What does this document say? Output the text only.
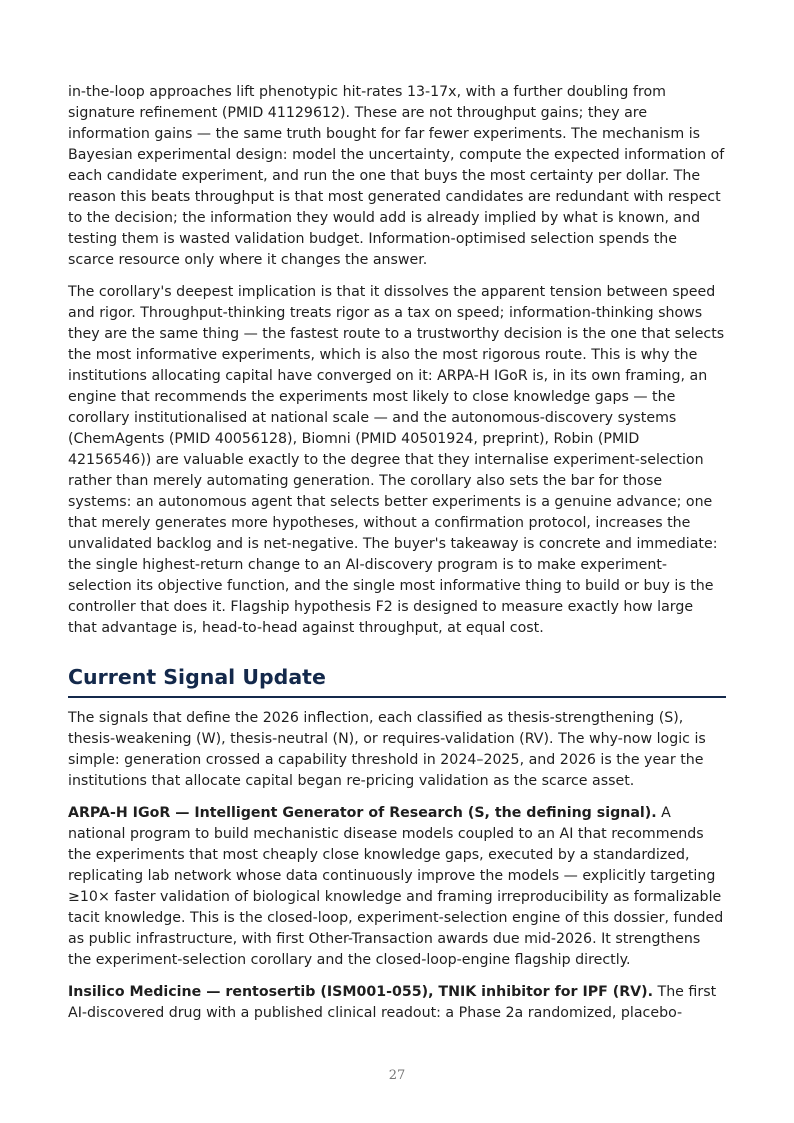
in-the-loop approaches lift phenotypic hit-rates 13-17x, with a further doubling from signature refinement (PMID 41129612). These are not throughput gains; they are information gains — the same truth bought for far fewer experiments. The mechanism is Bayesian experimental design: model the uncertainty, compute the expected information of each candidate experiment, and run the one that buys the most certainty per dollar. The reason this beats throughput is that most generated candidates are redundant with respect to the decision; the information they would add is already implied by what is known, and testing them is wasted validation budget. Information-optimised selection spends the scarce resource only where it changes the answer.

The corollary's deepest implication is that it dissolves the apparent tension between speed and rigor. Throughput-thinking treats rigor as a tax on speed; information-thinking shows they are the same thing — the fastest route to a trustworthy decision is the one that selects the most informative experiments, which is also the most rigorous route. This is why the institutions allocating capital have converged on it: ARPA-H IGoR is, in its own framing, an engine that recommends the experiments most likely to close knowledge gaps — the corollary institutionalised at national scale — and the autonomous-discovery systems (ChemAgents (PMID 40056128), Biomni (PMID 40501924, preprint), Robin (PMID 42156546)) are valuable exactly to the degree that they internalise experiment-selection rather than merely automating generation. The corollary also sets the bar for those systems: an autonomous agent that selects better experiments is a genuine advance; one that merely generates more hypotheses, without a confirmation protocol, increases the unvalidated backlog and is net-negative. The buyer's takeaway is concrete and immediate: the single highest-return change to an AI-discovery program is to make experiment-selection its objective function, and the single most informative thing to build or buy is the controller that does it. Flagship hypothesis F2 is designed to measure exactly how large that advantage is, head-to-head against throughput, at equal cost.

Current Signal Update

The signals that define the 2026 inflection, each classified as thesis-strengthening (S), thesis-weakening (W), thesis-neutral (N), or requires-validation (RV). The why-now logic is simple: generation crossed a capability threshold in 2024–2025, and 2026 is the year the institutions that allocate capital began re-pricing validation as the scarce asset.

ARPA-H IGoR — Intelligent Generator of Research (S, the defining signal). A national program to build mechanistic disease models coupled to an AI that recommends the experiments that most cheaply close knowledge gaps, executed by a standardized, replicating lab network whose data continuously improve the models — explicitly targeting ≥10× faster validation of biological knowledge and framing irreproducibility as formalizable tacit knowledge. This is the closed-loop, experiment-selection engine of this dossier, funded as public infrastructure, with first Other-Transaction awards due mid-2026. It strengthens the experiment-selection corollary and the closed-loop-engine flagship directly.

Insilico Medicine — rentosertib (ISM001-055), TNIK inhibitor for IPF (RV). The first AI-discovered drug with a published clinical readout: a Phase 2a randomized, placebo-

27
